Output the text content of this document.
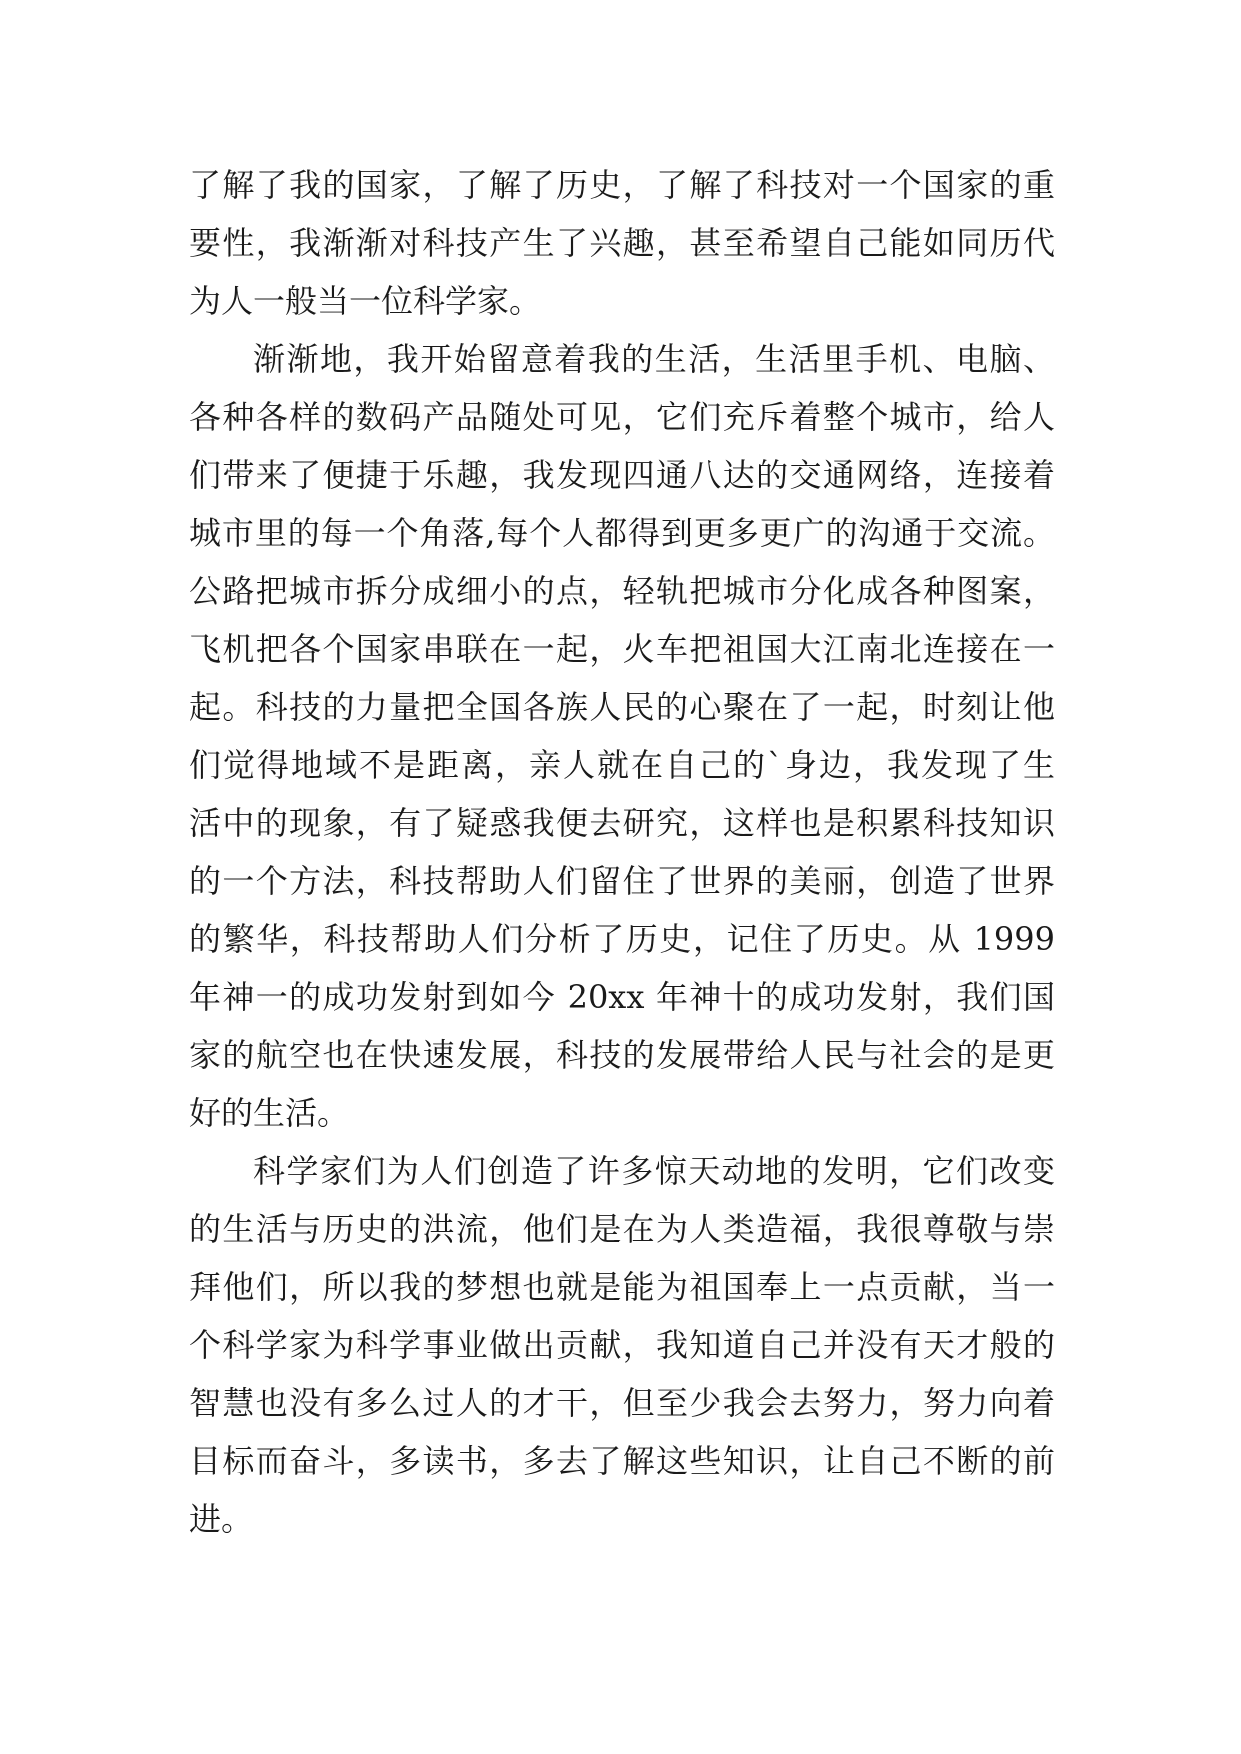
了解了我的国家，了解了历史，了解了科技对一个国家的重
要性，我渐渐对科技产生了兴趣，甚至希望自己能如同历代
为人一般当一位科学家。
渐渐地，我开始留意着我的生活，生活里手机、电脑、
各种各样的数码产品随处可见，它们充斥着整个城市，给人
们带来了便捷于乐趣，我发现四通八达的交通网络，连接着
城市里的每一个角落,每个人都得到更多更广的沟通于交流。
公路把城市拆分成细小的点，轻轨把城市分化成各种图案，
飞机把各个国家串联在一起，火车把祖国大江南北连接在一
起。科技的力量把全国各族人民的心聚在了一起，时刻让他
们觉得地域不是距离，亲人就在自己的`身边，我发现了生
活中的现象，有了疑惑我便去研究，这样也是积累科技知识
的一个方法，科技帮助人们留住了世界的美丽，创造了世界
的繁华，科技帮助人们分析了历史，记住了历史。从 1999
年神一的成功发射到如今 20xx 年神十的成功发射，我们国
家的航空也在快速发展，科技的发展带给人民与社会的是更
好的生活。
科学家们为人们创造了许多惊天动地的发明，它们改变
的生活与历史的洪流，他们是在为人类造福，我很尊敬与崇
拜他们，所以我的梦想也就是能为祖国奉上一点贡献，当一
个科学家为科学事业做出贡献，我知道自己并没有天才般的
智慧也没有多么过人的才干，但至少我会去努力，努力向着
目标而奋斗，多读书，多去了解这些知识，让自己不断的前
进。
